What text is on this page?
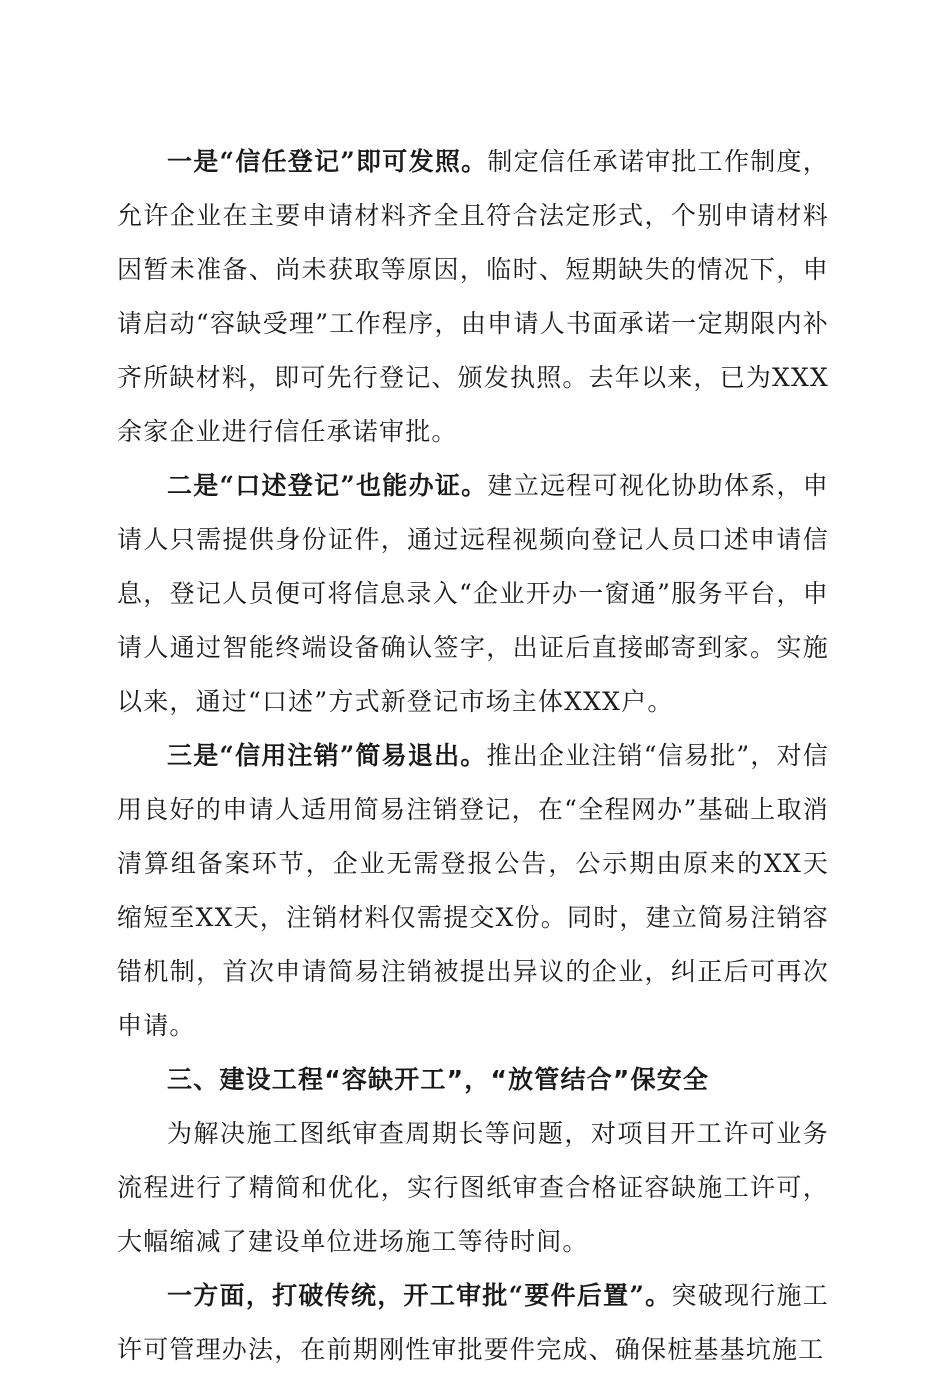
一是“信任登记”即可发照。制定信任承诺审批工作制度，允许企业在主要申请材料齐全且符合法定形式，个别申请材料因暂未准备、尚未获取等原因，临时、短期缺失的情况下，申请启动“容缺受理”工作程序，由申请人书面承诺一定期限内补齐所缺材料，即可先行登记、颁发执照。去年以来，已为XXX余家企业进行信任承诺审批。

二是“口述登记”也能办证。建立远程可视化协助体系，申请人只需提供身份证件，通过远程视频向登记人员口述申请信息，登记人员便可将信息录入“企业开办一窗通”服务平台，申请人通过智能终端设备确认签字，出证后直接邮寄到家。实施以来，通过“口述”方式新登记市场主体XXX户。

三是“信用注销”简易退出。推出企业注销“信易批”，对信用良好的申请人适用简易注销登记，在“全程网办”基础上取消清算组备案环节，企业无需登报公告，公示期由原来的XX天缩短至XX天，注销材料仅需提交X份。同时，建立简易注销容错机制，首次申请简易注销被提出异议的企业，纠正后可再次申请。

三、建设工程“容缺开工”，“放管结合”保安全

为解决施工图纸审查周期长等问题，对项目开工许可业务流程进行了精简和优化，实行图纸审查合格证容缺施工许可，大幅缩减了建设单位进场施工等待时间。

一方面，打破传统，开工审批“要件后置”。突破现行施工许可管理办法，在前期刚性审批要件完成、确保桩基基坑施工
